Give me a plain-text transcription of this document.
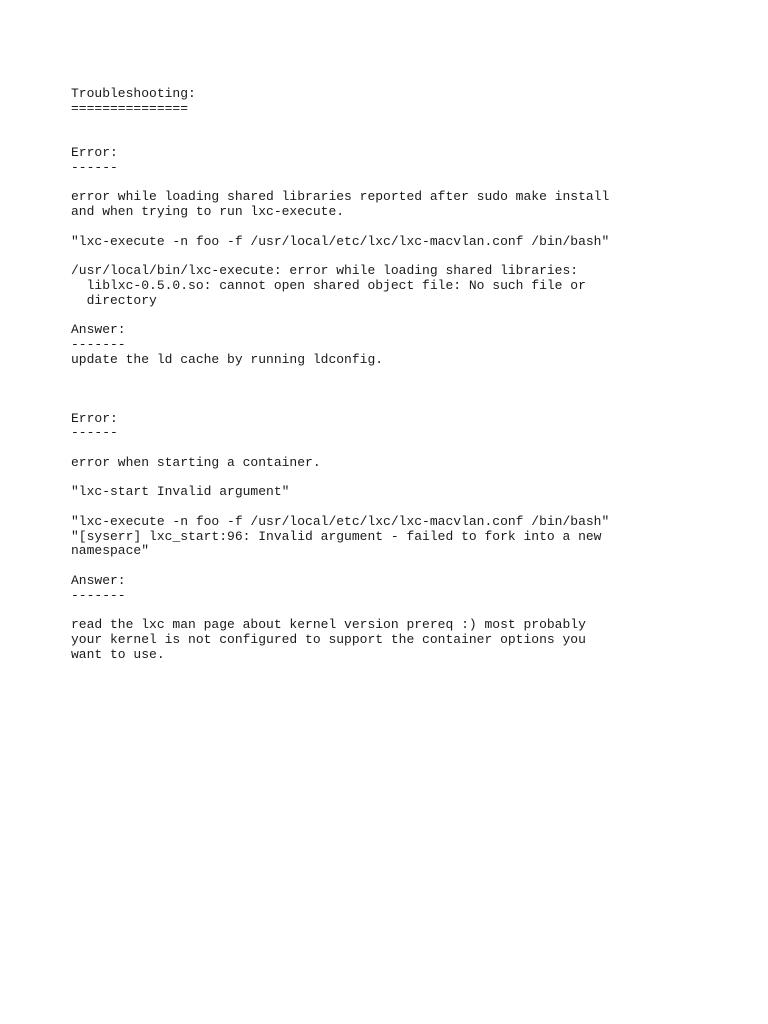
Troubleshooting:
===============
Error:
------
error while loading shared libraries reported after sudo make install
and when trying to run lxc-execute.
"lxc-execute -n foo -f /usr/local/etc/lxc/lxc-macvlan.conf /bin/bash"
/usr/local/bin/lxc-execute: error while loading shared libraries:
liblxc-0.5.0.so: cannot open shared object file: No such file or
directory
Answer:
-------
update the ld cache by running ldconfig.
Error:
------
error when starting a container.
"lxc-start Invalid argument"
"lxc-execute -n foo -f /usr/local/etc/lxc/lxc-macvlan.conf /bin/bash"
"[syserr] lxc_start:96: Invalid argument - failed to fork into a new
namespace"
Answer:
-------
read the lxc man page about kernel version prereq :) most probably
your kernel is not configured to support the container options you
want to use.
